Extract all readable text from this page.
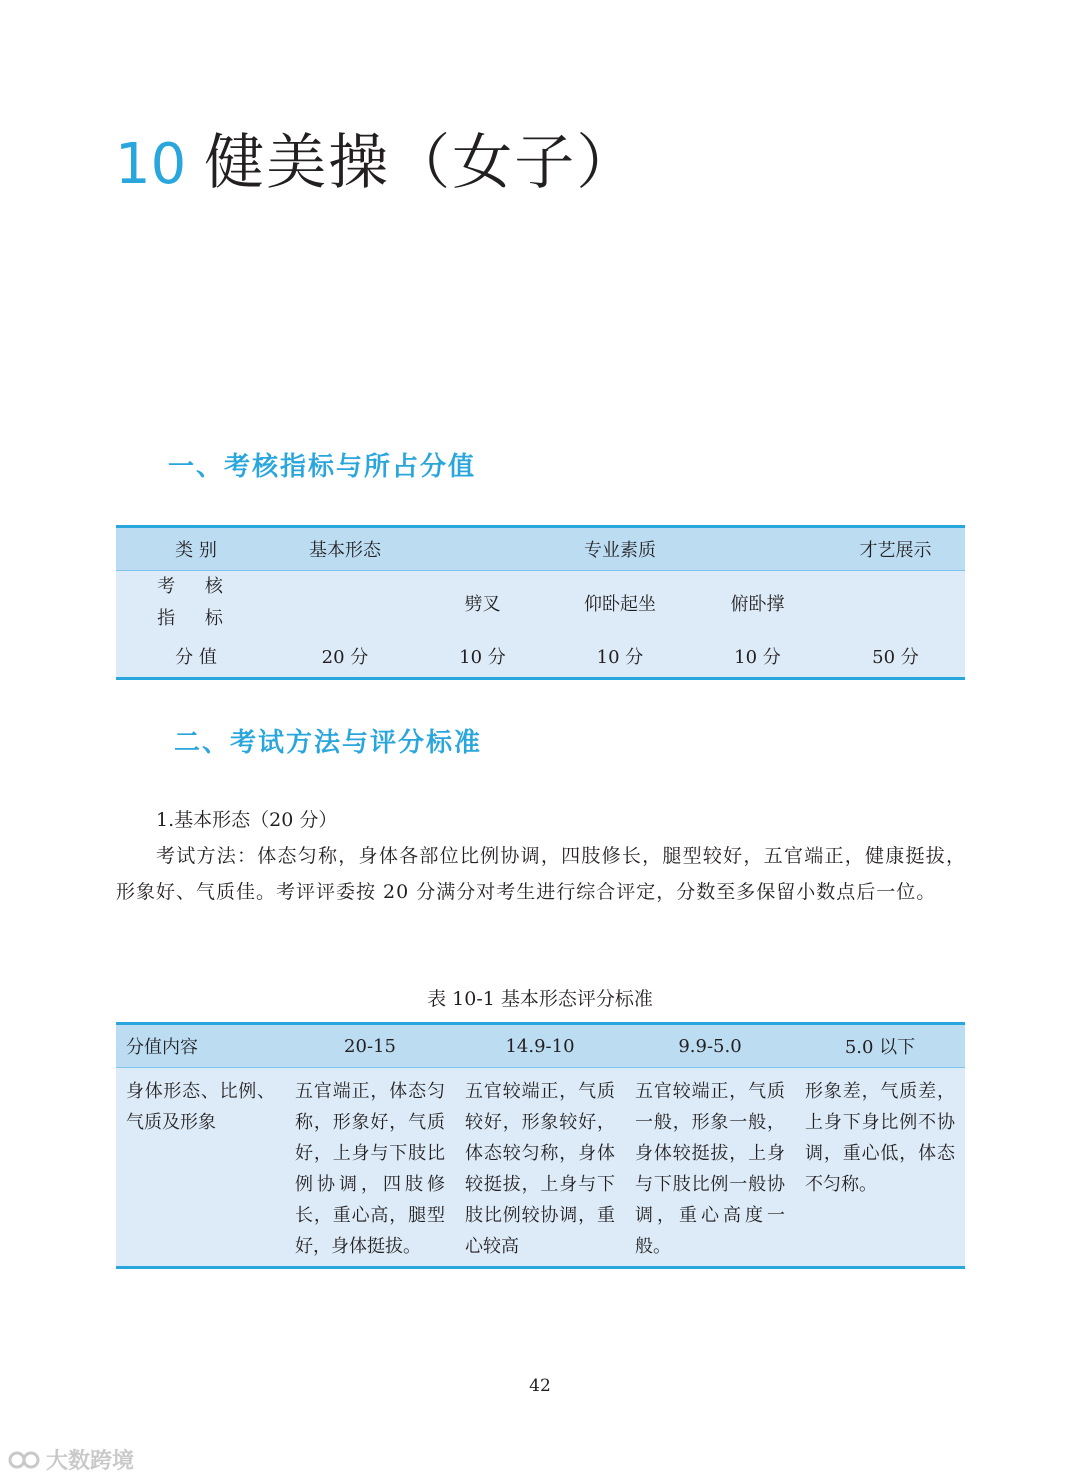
10 健美操（女子）
一、考核指标与所占分值
类 别	基本形态	专业素质			才艺展示
考 核
指 标		劈叉	仰卧起坐	俯卧撑	
分 值	20 分	10 分	10 分	10 分	50 分
二、考试方法与评分标准

1.基本形态（20 分）

考试方法：体态匀称，身体各部位比例协调，四肢修长，腿型较好，五官端正，健康挺拔，形象好、气质佳。考评评委按 20 分满分对考生进行综合评定，分数至多保留小数点后一位。

表 10-1 基本形态评分标准

分值内容	20-15	14.9-10	9.9-5.0	5.0 以下
身体形态、比例、气质及形象	五官端正，体态匀称，形象好，气质好，上身与下肢比例协调，四肢修长，重心高，腿型好，身体挺拔。	五官较端正，气质较好，形象较好，体态较匀称，身体较挺拔，上身与下肢比例较协调，重心较高	五官较端正，气质一般，形象一般，身体较挺拔，上身与下肢比例一般协调，重心高度一般。	形象差，气质差，上身下身比例不协调，重心低，体态不匀称。

42

大数跨境
